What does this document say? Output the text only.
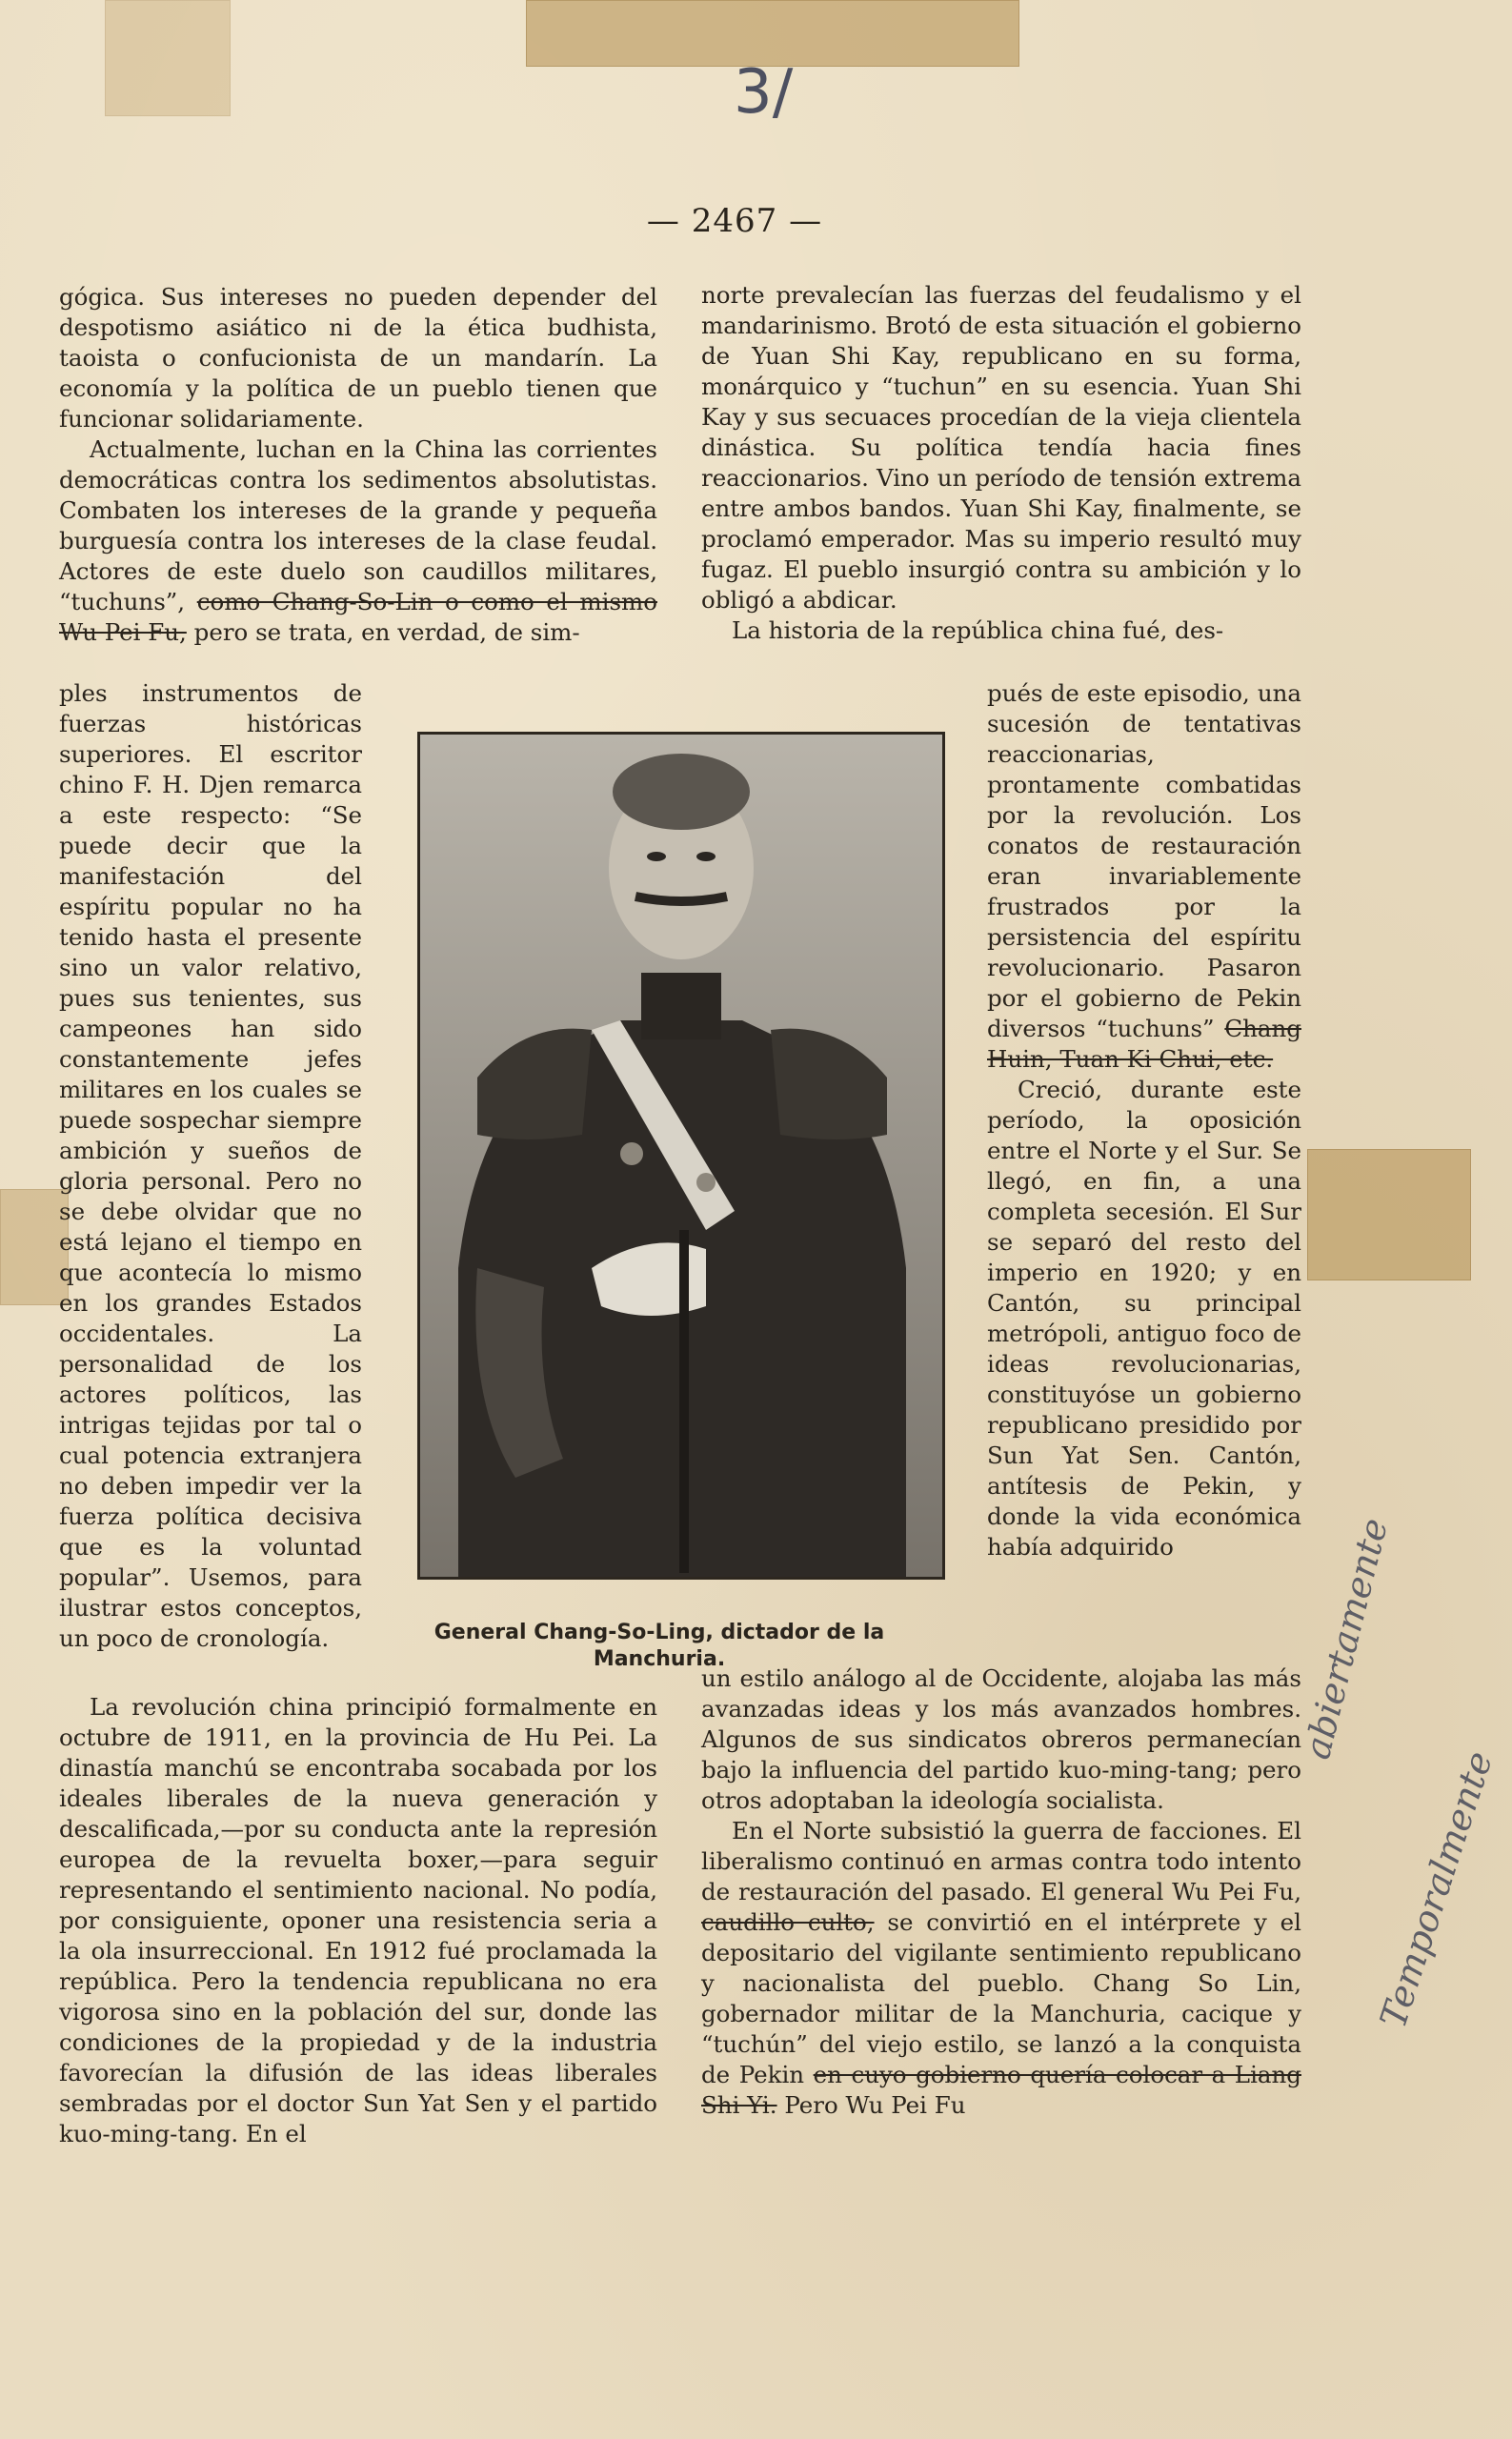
3/
— 2467 —

gógica. Sus intereses no pueden depender del despotismo asiático ni de la ética budhista, taoista o confucionista de un mandarín. La economía y la política de un pueblo tienen que funcionar solidariamente.

Actualmente, luchan en la China las corrientes democráticas contra los sedimentos absolutistas. Combaten los intereses de la grande y pequeña burguesía contra los intereses de la clase feudal. Actores de este duelo son caudillos militares, “tuchuns”, como Chang-So-Lin o como el mismo Wu Pei Fu, pero se trata, en verdad, de sim-

ples instrumentos de fuerzas históricas superiores. El escritor chino F. H. Djen remarca a este respecto: “Se puede decir que la manifestación del espíritu popular no ha tenido hasta el presente sino un valor relativo, pues sus tenientes, sus campeones han sido constantemente jefes militares en los cuales se puede sospechar siempre ambición y sueños de gloria personal. Pero no se debe olvidar que no está lejano el tiempo en que acontecía lo mismo en los grandes Estados occidentales. La personalidad de los actores políticos, las intrigas tejidas por tal o cual potencia extranjera no deben impedir ver la fuerza política decisiva que es la voluntad popular”. Usemos, para ilustrar estos conceptos, un poco de cronología.	General Chang-So-Ling, dictador de la Manchuria.

La revolución china principió formalmente en octubre de 1911, en la provincia de Hu Pei. La dinastía manchú se encontraba socabada por los ideales liberales de la nueva generación y descalificada,—por su conducta ante la represión europea de la revuelta boxer,—para seguir representando el sentimiento nacional. No podía, por consiguiente, oponer una resistencia seria a la ola insurreccional. En 1912 fué proclamada la república. Pero la tendencia republicana no era vigorosa sino en la población del sur, donde las condiciones de la propiedad y de la industria favorecían la difusión de las ideas liberales sembradas por el doctor Sun Yat Sen y el partido kuo-ming-tang. En el

norte prevalecían las fuerzas del feudalismo y el mandarinismo. Brotó de esta situación el gobierno de Yuan Shi Kay, republicano en su forma, monárquico y “tuchun” en su esencia. Yuan Shi Kay y sus secuaces procedían de la vieja clientela dinástica. Su política tendía hacia fines reaccionarios. Vino un período de tensión extrema entre ambos bandos. Yuan Shi Kay, finalmente, se proclamó emperador. Mas su imperio resultó muy fugaz. El pueblo insurgió contra su ambición y lo obligó a abdicar.

La historia de la república china fué, des-

pués de este episodio, una sucesión de tentativas reaccionarias, prontamente combatidas por la revolución. Los conatos de restauración eran invariablemente frustrados por la persistencia del espíritu revolucionario. Pasaron por el gobierno de Pekin diversos “tuchuns” Chang Huin, Tuan Ki Chui, etc.

Creció, durante este período, la oposición entre el Norte y el Sur. Se llegó, en fin, a una completa secesión. El Sur se separó del resto del imperio en 1920; y en Cantón, su principal metrópoli, antiguo foco de ideas revolucionarias, constituyóse un gobierno republicano presidido por Sun Yat Sen. Cantón, antítesis de Pekin, y donde la vida económica había adquirido

un estilo análogo al de Occidente, alojaba las más avanzadas ideas y los más avanzados hombres. Algunos de sus sindicatos obreros permanecían bajo la influencia del partido kuo-ming-tang; pero otros adoptaban la ideología socialista.

En el Norte subsistió la guerra de facciones. El liberalismo continuó en armas contra todo intento de restauración del pasado. El general Wu Pei Fu, caudillo culto, se convirtió en el intérprete y el depositario del vigilante sentimiento republicano y nacionalista del pueblo. Chang So Lin, gobernador militar de la Manchuria, cacique y “tuchún” del viejo estilo, se lanzó a la conquista de Pekin en cuyo gobierno quería colocar a Liang Shi Yi. Pero Wu Pei Fu

abiertamente
Temporalmente
